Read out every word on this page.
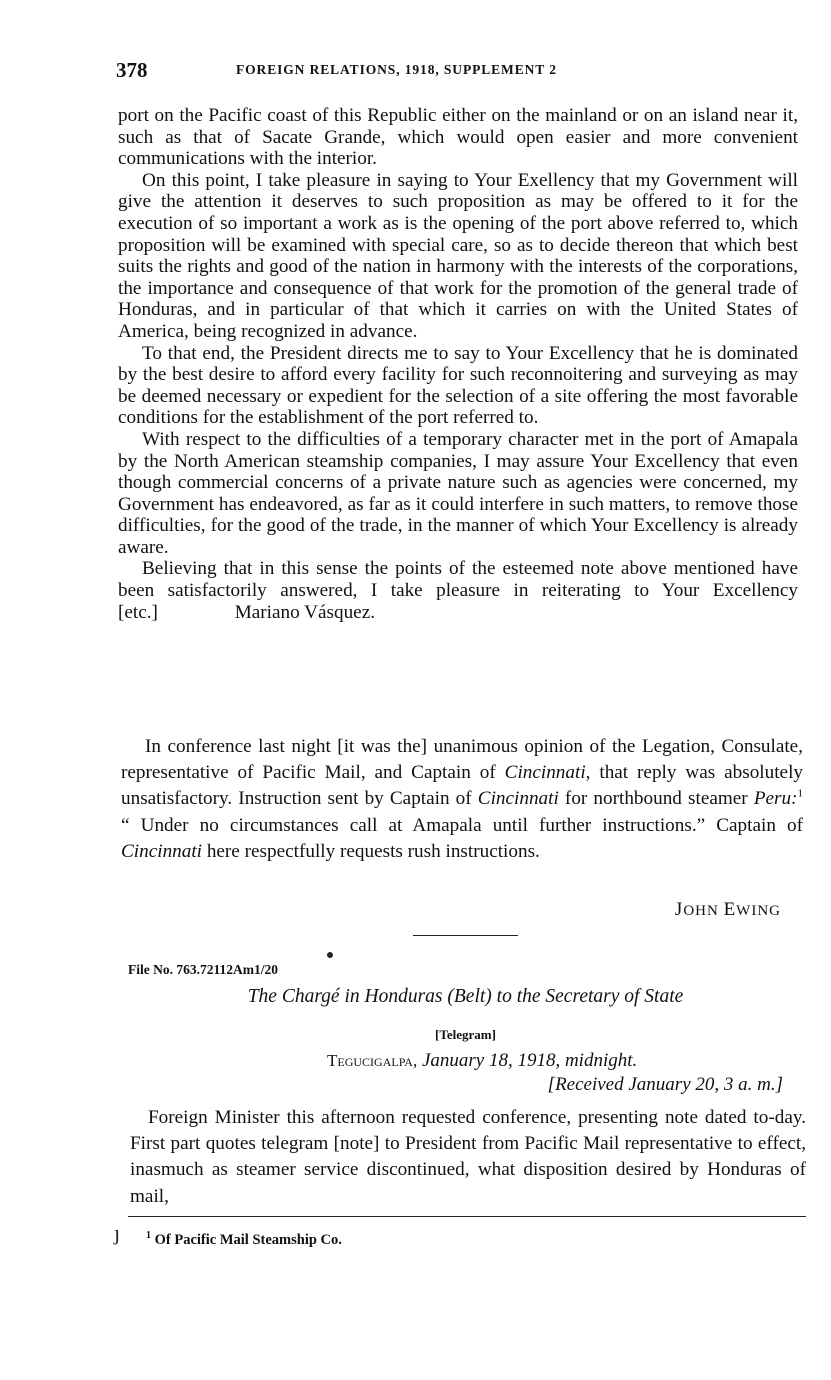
378	FOREIGN RELATIONS, 1918, SUPPLEMENT 2

port on the Pacific coast of this Republic either on the mainland or on an island near it, such as that of Sacate Grande, which would open easier and more convenient communications with the interior.

On this point, I take pleasure in saying to Your Exellency that my Government will give the attention it deserves to such proposition as may be offered to it for the execution of so important a work as is the opening of the port above referred to, which proposition will be examined with special care, so as to decide thereon that which best suits the rights and good of the nation in harmony with the interests of the corporations, the importance and consequence of that work for the promotion of the general trade of Honduras, and in particular of that which it carries on with the United States of America, being recognized in advance.

To that end, the President directs me to say to Your Excellency that he is dominated by the best desire to afford every facility for such reconnoitering and surveying as may be deemed necessary or expedient for the selection of a site offering the most favorable conditions for the establishment of the port referred to.

With respect to the difficulties of a temporary character met in the port of Amapala by the North American steamship companies, I may assure Your Excellency that even though commercial concerns of a private nature such as agencies were concerned, my Government has endeavored, as far as it could interfere in such matters, to remove those difficulties, for the good of the trade, in the manner of which Your Excellency is already aware.

Believing that in this sense the points of the esteemed note above mentioned have been satisfactorily answered, I take pleasure in reiterating to Your Excellency [etc.]	Mariano Vásquez.

In conference last night [it was the] unanimous opinion of the Legation, Consulate, representative of Pacific Mail, and Captain of Cincinnati, that reply was absolutely unsatisfactory. Instruction sent by Captain of Cincinnati for northbound steamer Peru:$^1$ “ Under no circumstances call at Amapala until further instructions.” Captain of Cincinnati here respectfully requests rush instructions.

JOHN EWING
File No. 763.72112Am1/20
The Chargé in Honduras (Belt) to the Secretary of State
[Telegram]
Tegucigalpa, January 18, 1918, midnight.
[Received January 20, 3 a. m.]

Foreign Minister this afternoon requested conference, presenting note dated to-day. First part quotes telegram [note] to President from Pacific Mail representative to effect, inasmuch as steamer service discontinued, what disposition desired by Honduras of mail,

ȷ	$^1$ Of Pacific Mail Steamship Co.
